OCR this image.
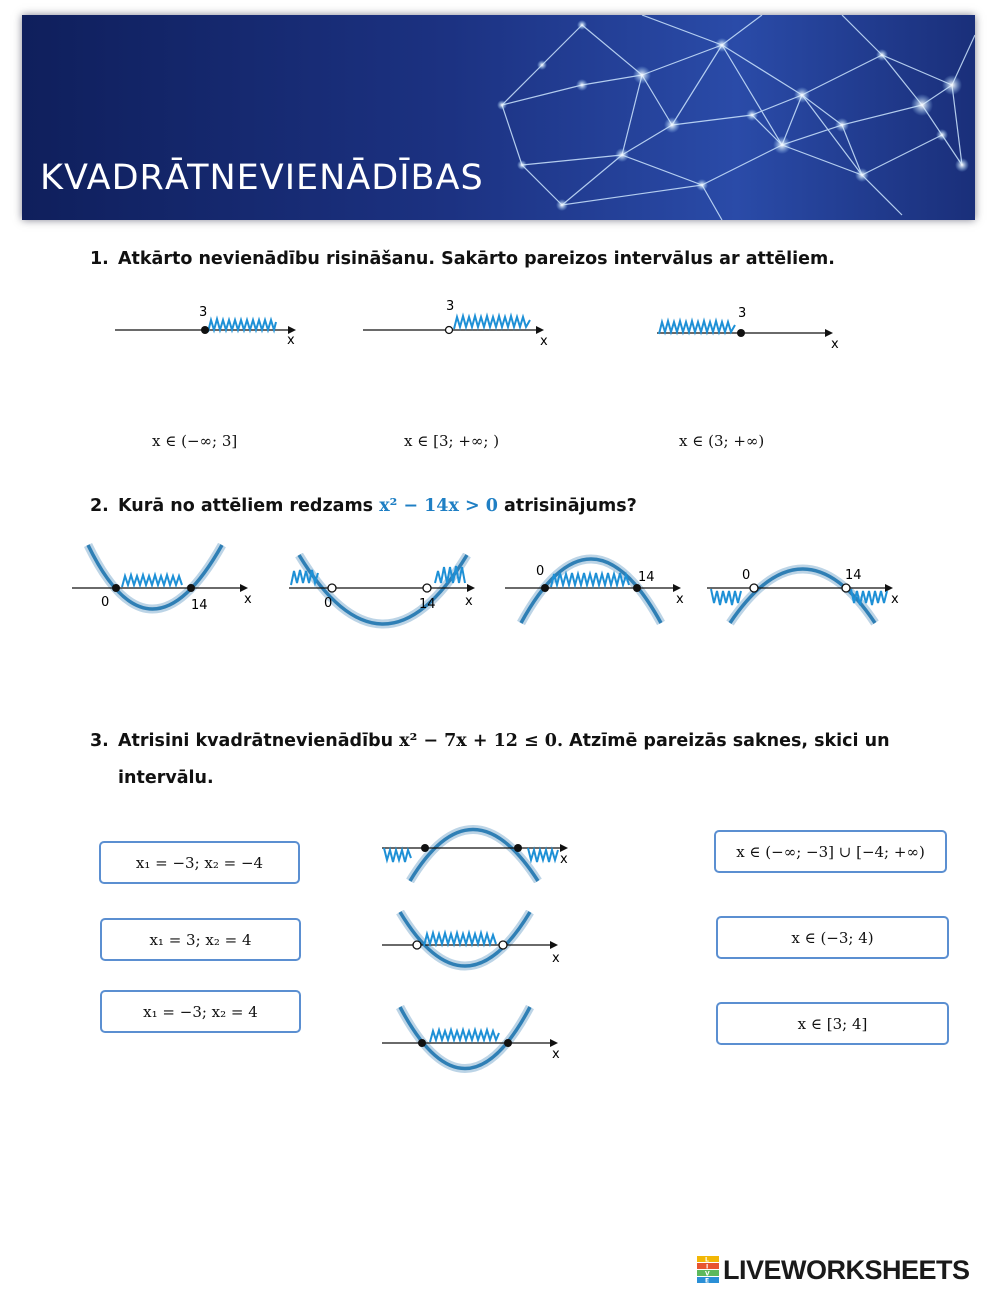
KVADRĀTNEVIENĀDĪBAS
1. Atkārto nevienādību risināšanu. Sakārto pareizos intervālus ar attēliem.
3
x
3
x
3
x
x ∈ (−∞; 3]	x ∈ [3; +∞; )	x ∈ (3; +∞)
2. Kurā no attēliem redzams x² − 14x > 0 atrisinājums?
0	14	x	0	14 x
0	14
x
0	14
x
3. Atrisini kvadrātnevienādību x² − 7x + 12 ≤ 0. Atzīmē pareizās saknes, skici un
intervālu.
x₁ = −3; x₂ = −4
x₁ = 3; x₂ = 4
x₁ = −3; x₂ = 4
x
x
x
x ∈ (−∞; −3] ∪ [−4; +∞)
x ∈ (−3; 4)
x ∈ [3; 4]
L
I
V
E LIVEWORKSHEETS
